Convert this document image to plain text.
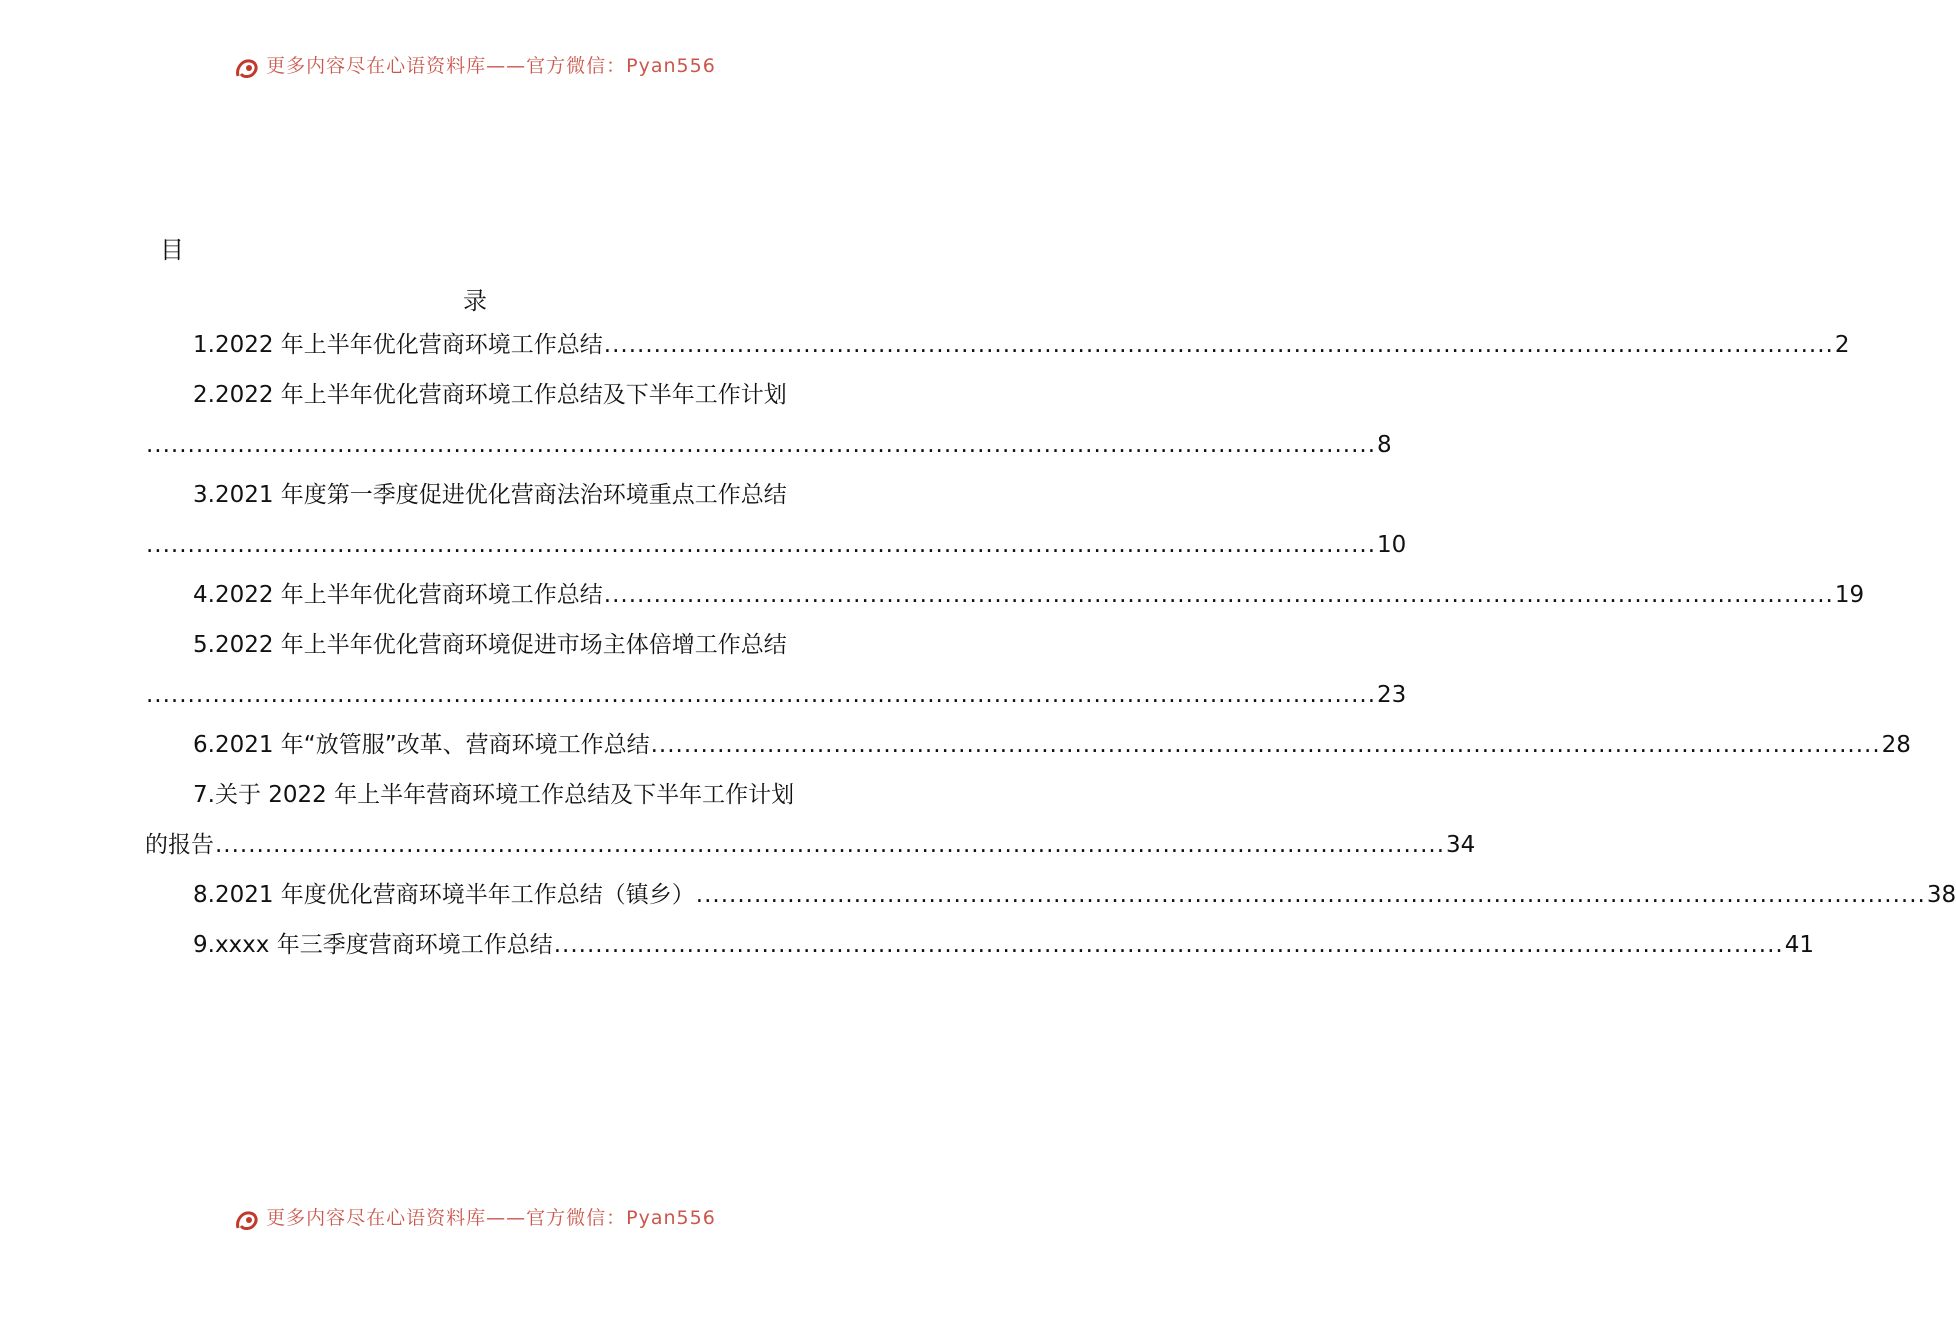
更多内容尽在心语资料库——官方微信：Pyan556
目
录
1.2022 年上半年优化营商环境工作总结 .................................................................................................................................................... 2
2.2022 年上半年优化营商环境工作总结及下半年工作计划
.................................................................................................................................................... 8
3.2021 年度第一季度促进优化营商法治环境重点工作总结
.................................................................................................................................................... 10
4.2022 年上半年优化营商环境工作总结 .................................................................................................................................................... 19
5.2022 年上半年优化营商环境促进市场主体倍增工作总结
.................................................................................................................................................... 23
6.2021 年“放管服”改革、营商环境工作总结 .................................................................................................................................................... 28
7.关于 2022 年上半年营商环境工作总结及下半年工作计划
的报告 .................................................................................................................................................... 34
8.2021 年度优化营商环境半年工作总结（镇乡） .................................................................................................................................................... 38
9.xxxx 年三季度营商环境工作总结 .................................................................................................................................................... 41
更多内容尽在心语资料库——官方微信：Pyan556
